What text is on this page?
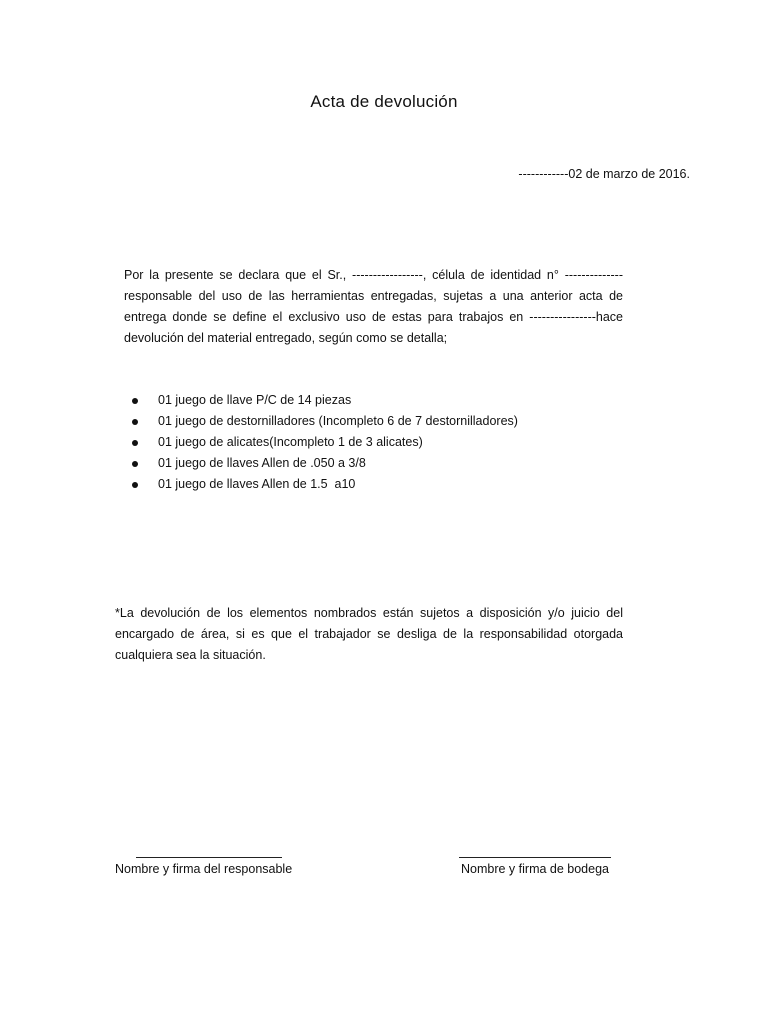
Acta de devolución
------------02 de marzo de 2016.

Por la presente se declara que el Sr., -----------------, célula de identidad n° -------------- responsable del uso de las herramientas entregadas, sujetas a una anterior acta de entrega donde se define el exclusivo uso de estas para trabajos en ----------------hace devolución del material entregado, según como se detalla;

01 juego de llave P/C de 14 piezas
01 juego de destornilladores (Incompleto 6 de 7 destornilladores)
01 juego de alicates(Incompleto 1 de 3 alicates)
01 juego de llaves Allen de .050 a 3/8
01 juego de llaves Allen de 1.5  a10

*La devolución de los elementos nombrados están sujetos a disposición y/o juicio del encargado de área, si es que el trabajador se desliga de la responsabilidad otorgada cualquiera sea la situación.

Nombre y firma del responsable	Nombre y firma de bodega
